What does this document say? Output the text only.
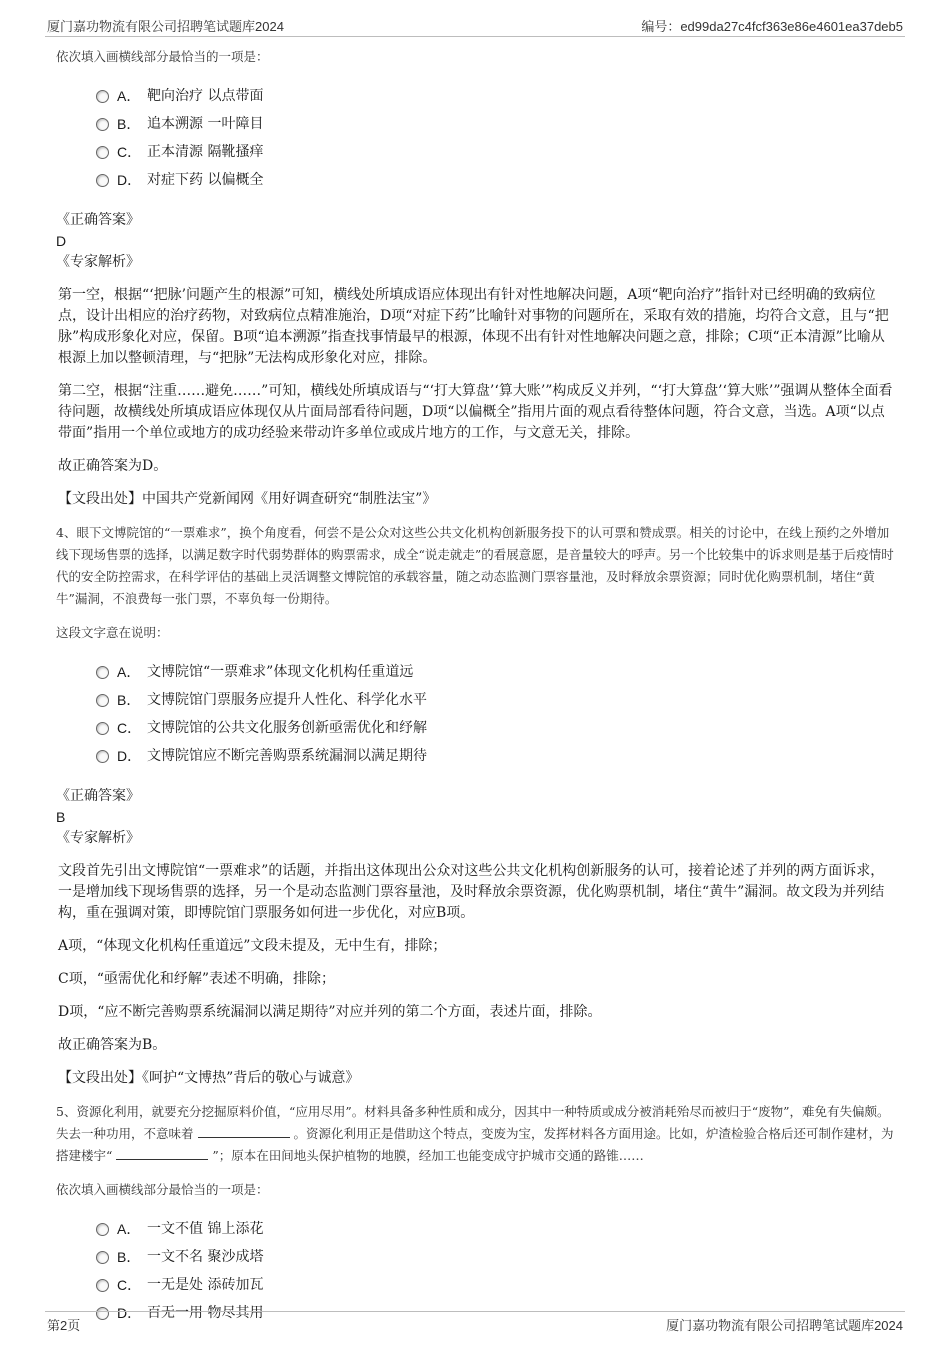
厦门嘉功物流有限公司招聘笔试题库2024	编号：ed99da27c4fcf363e86e4601ea37deb5
依次填入画横线部分最恰当的一项是：
A． 靶向治疗 以点带面
B． 追本溯源 一叶障目
C． 正本清源 隔靴搔痒
D． 对症下药 以偏概全
《正确答案》
D
《专家解析》
第一空，根据“‘把脉’问题产生的根源”可知，横线处所填成语应体现出有针对性地解决问题，A项“靶向治疗”指针对已经明确的致病位点，设计出相应的治疗药物，对致病位点精准施治，D项“对症下药”比喻针对事物的问题所在，采取有效的措施，均符合文意，且与“把脉”构成形象化对应，保留。B项“追本溯源”指查找事情最早的根源，体现不出有针对性地解决问题之意，排除；C项“正本清源”比喻从根源上加以整顿清理，与“把脉”无法构成形象化对应，排除。
第二空，根据“注重……避免……”可知，横线处所填成语与“‘打大算盘’‘算大账’”构成反义并列，“‘打大算盘’‘算大账’”强调从整体全面看待问题，故横线处所填成语应体现仅从片面局部看待问题，D项“以偏概全”指用片面的观点看待整体问题，符合文意，当选。A项“以点带面”指用一个单位或地方的成功经验来带动许多单位或成片地方的工作，与文意无关，排除。
故正确答案为D。
【文段出处】中国共产党新闻网《用好调查研究“制胜法宝”》
4、眼下文博院馆的“一票难求”，换个角度看，何尝不是公众对这些公共文化机构创新服务投下的认可票和赞成票。相关的讨论中，在线上预约之外增加线下现场售票的选择，以满足数字时代弱势群体的购票需求，成全“说走就走”的看展意愿，是音量较大的呼声。另一个比较集中的诉求则是基于后疫情时代的安全防控需求，在科学评估的基础上灵活调整文博院馆的承载容量，随之动态监测门票容量池，及时释放余票资源；同时优化购票机制，堵住“黄牛”漏洞，不浪费每一张门票，不辜负每一份期待。
这段文字意在说明：
A． 文博院馆“一票难求”体现文化机构任重道远
B． 文博院馆门票服务应提升人性化、科学化水平
C． 文博院馆的公共文化服务创新亟需优化和纾解
D． 文博院馆应不断完善购票系统漏洞以满足期待
《正确答案》
B
《专家解析》
文段首先引出文博院馆“一票难求”的话题，并指出这体现出公众对这些公共文化机构创新服务的认可，接着论述了并列的两方面诉求，一是增加线下现场售票的选择，另一个是动态监测门票容量池，及时释放余票资源，优化购票机制，堵住“黄牛”漏洞。故文段为并列结构，重在强调对策，即博院馆门票服务如何进一步优化，对应B项。
A项，“体现文化机构任重道远”文段未提及，无中生有，排除；
C项，“亟需优化和纾解”表述不明确，排除；
D项，“应不断完善购票系统漏洞以满足期待”对应并列的第二个方面，表述片面，排除。
故正确答案为B。
【文段出处】《呵护“文博热”背后的敬心与诚意》
5、资源化利用，就要充分挖掘原料价值，“应用尽用”。材料具备多种性质和成分，因其中一种特质或成分被消耗殆尽而被归于“废物”，难免有失偏颇。失去一种功用，不意味着	。资源化利用正是借助这个特点，变废为宝，发挥材料各方面用途。比如，炉渣检验合格后还可制作建材，为搭建楼宇“	”；原本在田间地头保护植物的地膜，经加工也能变成守护城市交通的路锥……
依次填入画横线部分最恰当的一项是：
A． 一文不值 锦上添花
B． 一文不名 聚沙成塔
C． 一无是处 添砖加瓦
D． 百无一用 物尽其用
第2页	厦门嘉功物流有限公司招聘笔试题库2024
